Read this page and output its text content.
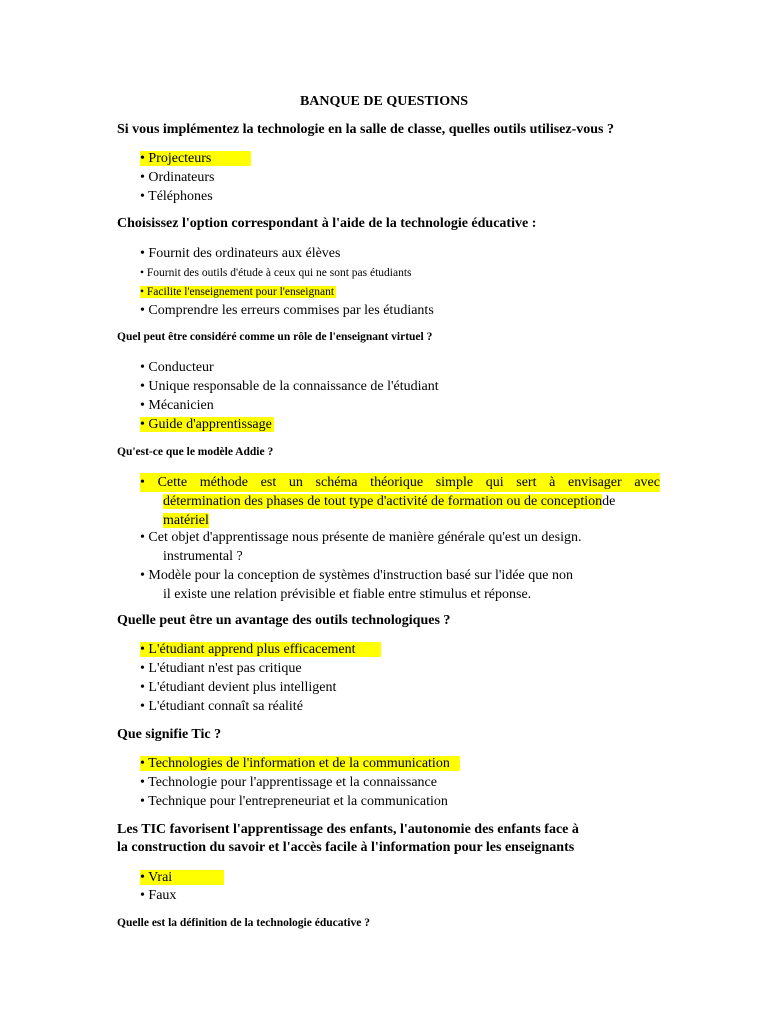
BANQUE DE QUESTIONS
Si vous implémentez la technologie en la salle de classe, quelles outils utilisez-vous ?
• Projecteurs
• Ordinateurs
• Téléphones
Choisissez l'option correspondant à l'aide de la technologie éducative :
• Fournit des ordinateurs aux élèves
• Fournit des outils d'étude à ceux qui ne sont pas étudiants
• Facilite l'enseignement pour l'enseignant
• Comprendre les erreurs commises par les étudiants
Quel peut être considéré comme un rôle de l'enseignant virtuel ?
• Conducteur
• Unique responsable de la connaissance de l'étudiant
• Mécanicien
• Guide d'apprentissage
Qu'est-ce que le modèle Addie ?
• Cette méthode est un schéma théorique simple qui sert à envisager avec
détermination des phases de tout type d'activité de formation ou de conceptionde
matériel
• Cet objet d'apprentissage nous présente de manière générale qu'est un design.
instrumental ?
• Modèle pour la conception de systèmes d'instruction basé sur l'idée que non
il existe une relation prévisible et fiable entre stimulus et réponse.
Quelle peut être un avantage des outils technologiques ?
• L'étudiant apprend plus efficacement
• L'étudiant n'est pas critique
• L'étudiant devient plus intelligent
• L'étudiant connaît sa réalité
Que signifie Tic ?
• Technologies de l'information et de la communication
• Technologie pour l'apprentissage et la connaissance
• Technique pour l'entrepreneuriat et la communication
Les TIC favorisent l'apprentissage des enfants, l'autonomie des enfants face à
la construction du savoir et l'accès facile à l'information pour les enseignants
• Vrai
• Faux
Quelle est la définition de la technologie éducative ?
